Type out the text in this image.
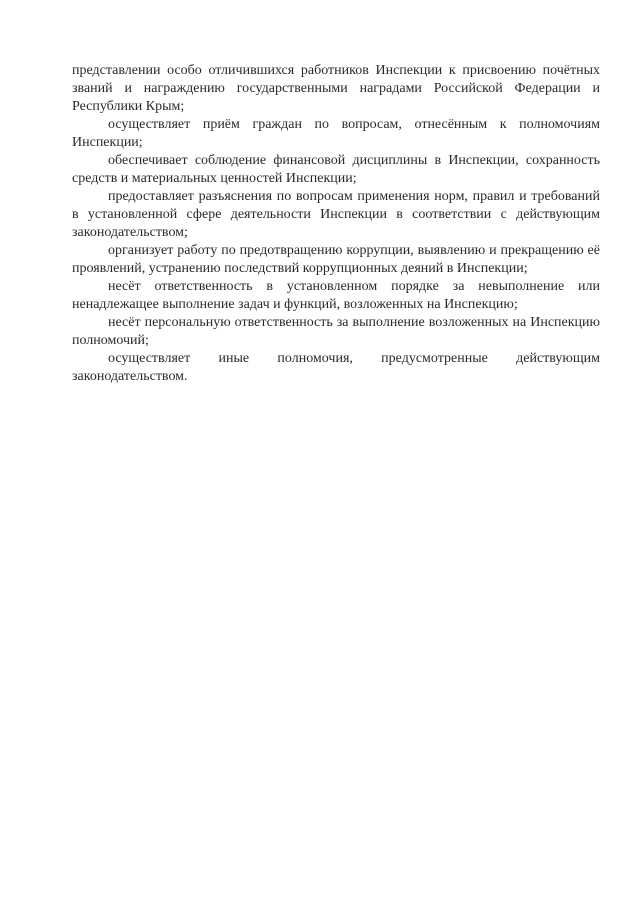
представлении особо отличившихся работников Инспекции к присвоению почётных званий и награждению государственными наградами Российской Федерации и Республики Крым;

осуществляет приём граждан по вопросам, отнесённым к полномочиям Инспекции;

обеспечивает соблюдение финансовой дисциплины в Инспекции, сохранность средств и материальных ценностей Инспекции;

предоставляет разъяснения по вопросам применения норм, правил и требований в установленной сфере деятельности Инспекции в соответствии с действующим законодательством;

организует работу по предотвращению коррупции, выявлению и прекращению её проявлений, устранению последствий коррупционных деяний в Инспекции;

несёт ответственность в установленном порядке за невыполнение или ненадлежащее выполнение задач и функций, возложенных на Инспекцию;

несёт персональную ответственность за выполнение возложенных на Инспекцию полномочий;

осуществляет иные полномочия, предусмотренные действующим законодательством.
